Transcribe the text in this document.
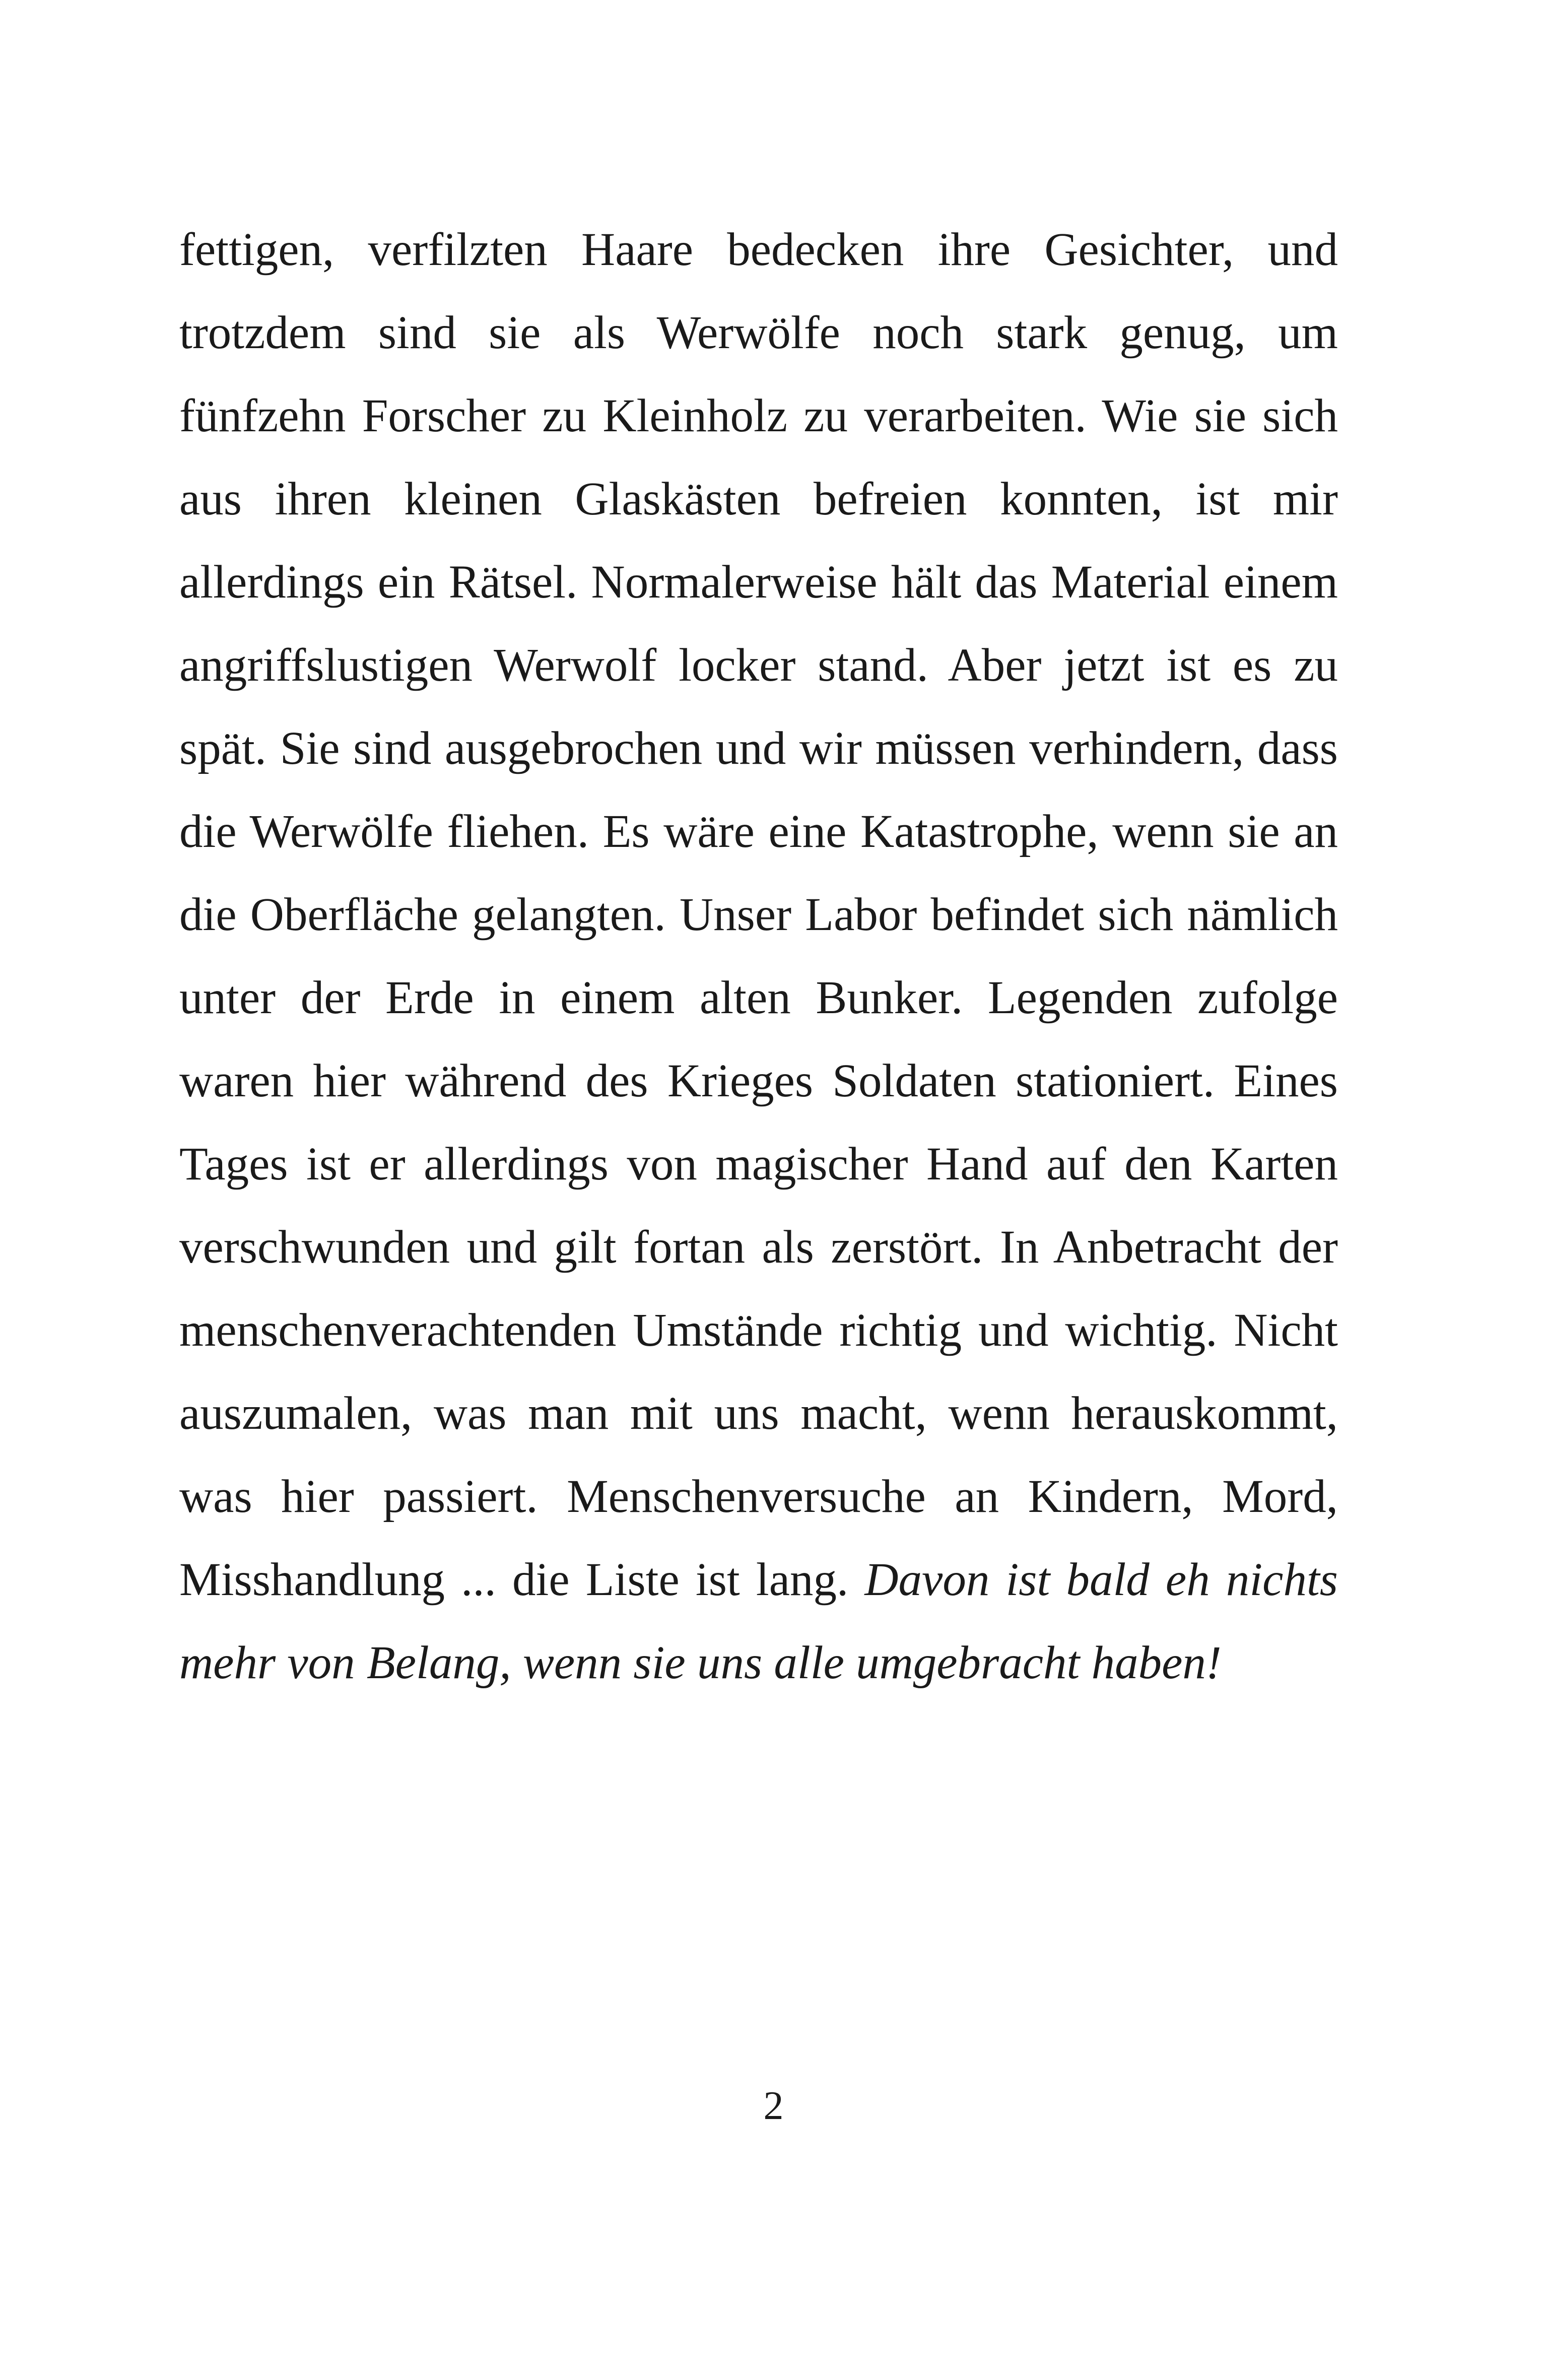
fettigen, verfilzten Haare bedecken ihre Gesichter, und trotzdem sind sie als Werwölfe noch stark genug, um fünfzehn Forscher zu Kleinholz zu verarbeiten. Wie sie sich aus ihren kleinen Glaskästen befreien konnten, ist mir allerdings ein Rätsel. Normalerweise hält das Material einem angriffslustigen Werwolf locker stand. Aber jetzt ist es zu spät. Sie sind ausgebrochen und wir müssen verhindern, dass die Werwölfe fliehen. Es wäre eine Katastrophe, wenn sie an die Oberfläche gelangten. Unser Labor befindet sich nämlich unter der Erde in einem alten Bunker. Legenden zufolge waren hier während des Krieges Soldaten stationiert. Eines Tages ist er allerdings von magischer Hand auf den Karten verschwunden und gilt fortan als zerstört. In Anbetracht der menschenverachtenden Umstände richtig und wichtig. Nicht auszumalen, was man mit uns macht, wenn herauskommt, was hier passiert. Menschenversuche an Kindern, Mord, Misshandlung ... die Liste ist lang. Davon ist bald eh nichts mehr von Belang, wenn sie uns alle umgebracht haben!

2
